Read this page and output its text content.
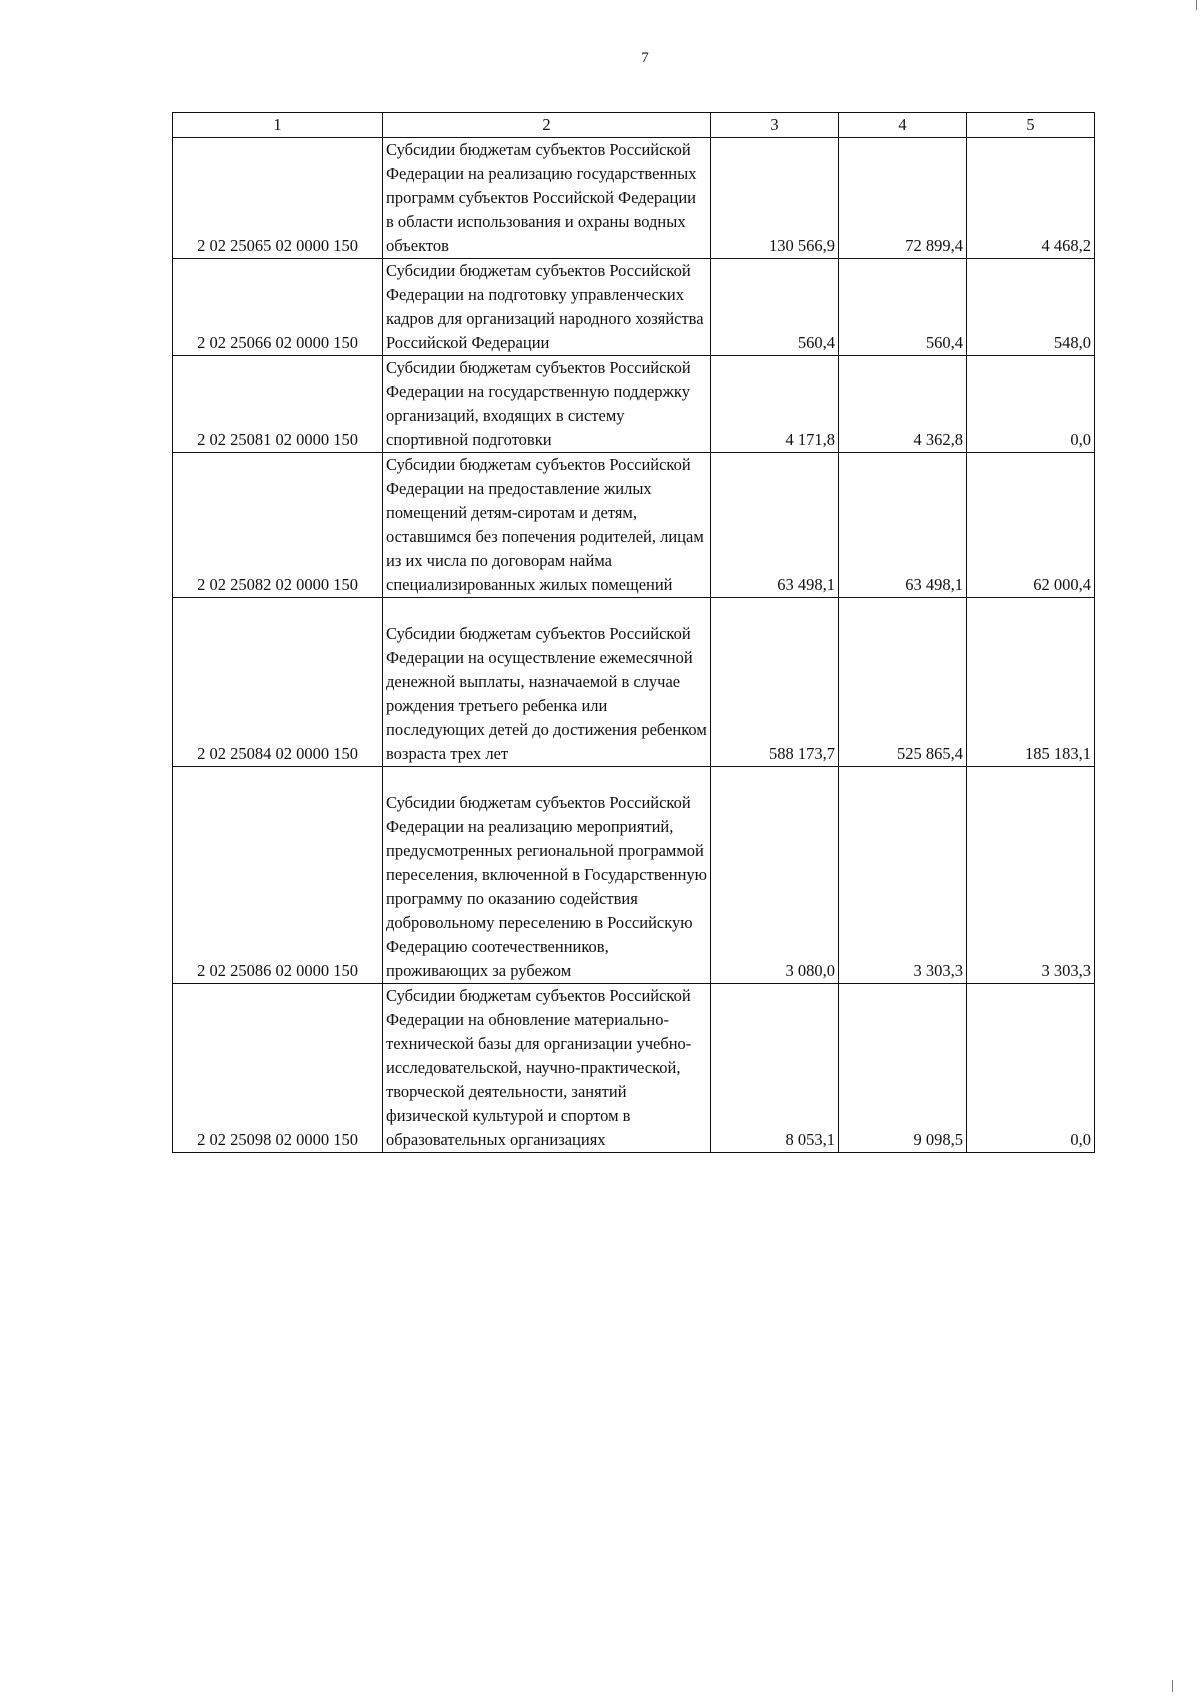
7
1	2	3	4	5
2 02 25065 02 0000 150	Субсидии бюджетам субъектов Российской Федерации на реализацию государственных программ субъектов Российской Федерации в области использования и охраны водных объектов	130 566,9	72 899,4	4 468,2
2 02 25066 02 0000 150	Субсидии бюджетам субъектов Российской Федерации на подготовку управленческих кадров для организаций народного хозяйства Российской Федерации	560,4	560,4	548,0
2 02 25081 02 0000 150	Субсидии бюджетам субъектов Российской Федерации на государственную поддержку организаций, входящих в систему спортивной подготовки	4 171,8	4 362,8	0,0
2 02 25082 02 0000 150	Субсидии бюджетам субъектов Российской Федерации на предоставление жилых помещений детям-сиротам и детям, оставшимся без попечения родителей, лицам из их числа по договорам найма специализированных жилых помещений	63 498,1	63 498,1	62 000,4
2 02 25084 02 0000 150	Субсидии бюджетам субъектов Российской Федерации на осуществление ежемесячной денежной выплаты, назначаемой в случае рождения третьего ребенка или последующих детей до достижения ребенком возраста трех лет	588 173,7	525 865,4	185 183,1
2 02 25086 02 0000 150	Субсидии бюджетам субъектов Российской Федерации на реализацию мероприятий, предусмотренных региональной программой переселения, включенной в Государственную программу по оказанию содействия добровольному переселению в Российскую Федерацию соотечественников, проживающих за рубежом	3 080,0	3 303,3	3 303,3
2 02 25098 02 0000 150	Субсидии бюджетам субъектов Российской Федерации на обновление материально-технической базы для организации учебно-исследовательской, научно-практической, творческой деятельности, занятий физической культурой и спортом в образовательных организациях	8 053,1	9 098,5	0,0
